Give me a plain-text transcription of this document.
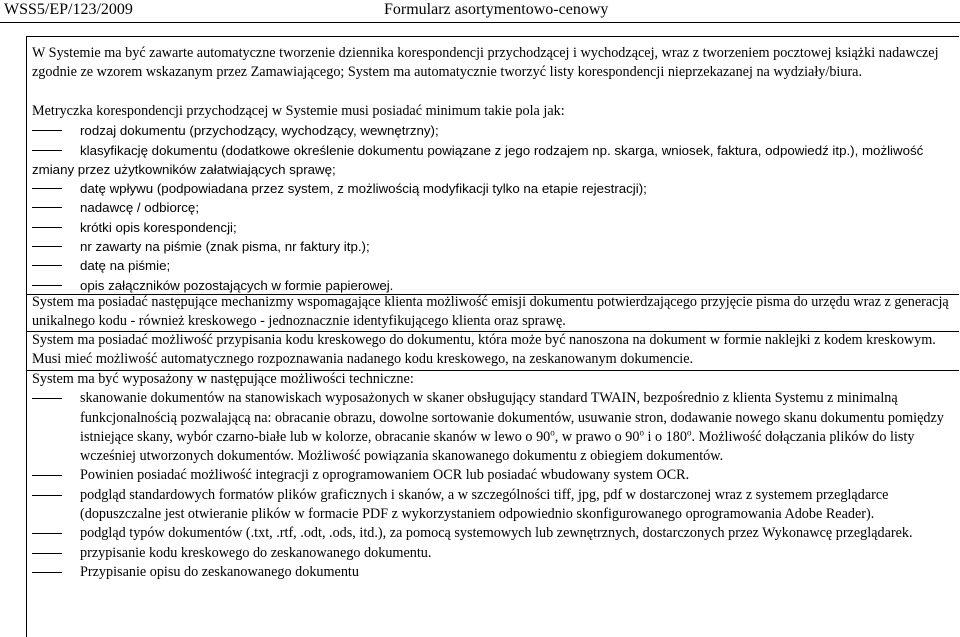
WSS5/EP/123/2009	Formularz asortymentowo-cenowy
W Systemie ma być zawarte automatyczne tworzenie dziennika korespondencji przychodzącej i wychodzącej, wraz z tworzeniem pocztowej książki nadawczej zgodnie ze wzorem wskazanym przez Zamawiającego; System ma automatycznie tworzyć listy korespondencji nieprzekazanej na wydziały/biura.
Metryczka korespondencji przychodzącej w Systemie musi posiadać minimum takie pola jak:
rodzaj dokumentu (przychodzący, wychodzący, wewnętrzny);
klasyfikację dokumentu (dodatkowe określenie dokumentu powiązane z jego rodzajem np. skarga, wniosek, faktura, odpowiedź itp.), możliwość zmiany przez użytkowników załatwiających sprawę;
datę wpływu (podpowiadana przez system, z możliwością modyfikacji tylko na etapie rejestracji);
nadawcę / odbiorcę;
krótki opis korespondencji;
nr zawarty na piśmie (znak pisma, nr faktury itp.);
datę na piśmie;
opis załączników pozostających w formie papierowej.
System ma posiadać następujące mechanizmy wspomagające klienta możliwość emisji dokumentu potwierdzającego przyjęcie pisma do urzędu wraz z generacją unikalnego kodu - również kreskowego - jednoznacznie identyfikującego klienta oraz sprawę.
System ma posiadać możliwość przypisania kodu kreskowego do dokumentu, która może być nanoszona na dokument w formie naklejki z kodem kreskowym. Musi mieć możliwość automatycznego rozpoznawania nadanego kodu kreskowego, na zeskanowanym dokumencie.
System ma być wyposażony w następujące możliwości techniczne:
skanowanie dokumentów na stanowiskach wyposażonych w skaner obsługujący standard TWAIN, bezpośrednio z klienta Systemu z minimalną funkcjonalnością pozwalającą na: obracanie obrazu, dowolne sortowanie dokumentów, usuwanie stron, dodawanie nowego skanu dokumentu pomiędzy istniejące skany, wybór czarno-białe lub w kolorze, obracanie skanów w lewo o 90$^o$, w prawo o 90$^o$ i o 180$^o$. Możliwość dołączania plików do listy wcześniej utworzonych dokumentów. Możliwość powiązania skanowanego dokumentu z obiegiem dokumentów.
Powinien posiadać możliwość integracji z oprogramowaniem OCR lub posiadać wbudowany system OCR.
podgląd standardowych formatów plików graficznych i skanów, a w szczególności tiff, jpg, pdf w dostarczonej wraz z systemem przeglądarce (dopuszczalne jest otwieranie plików w formacie PDF z wykorzystaniem odpowiednio skonfigurowanego oprogramowania Adobe Reader).
podgląd typów dokumentów (.txt, .rtf, .odt, .ods, itd.), za pomocą systemowych lub zewnętrznych, dostarczonych przez Wykonawcę przeglądarek.
przypisanie kodu kreskowego do zeskanowanego dokumentu.
Przypisanie opisu do zeskanowanego dokumentu
